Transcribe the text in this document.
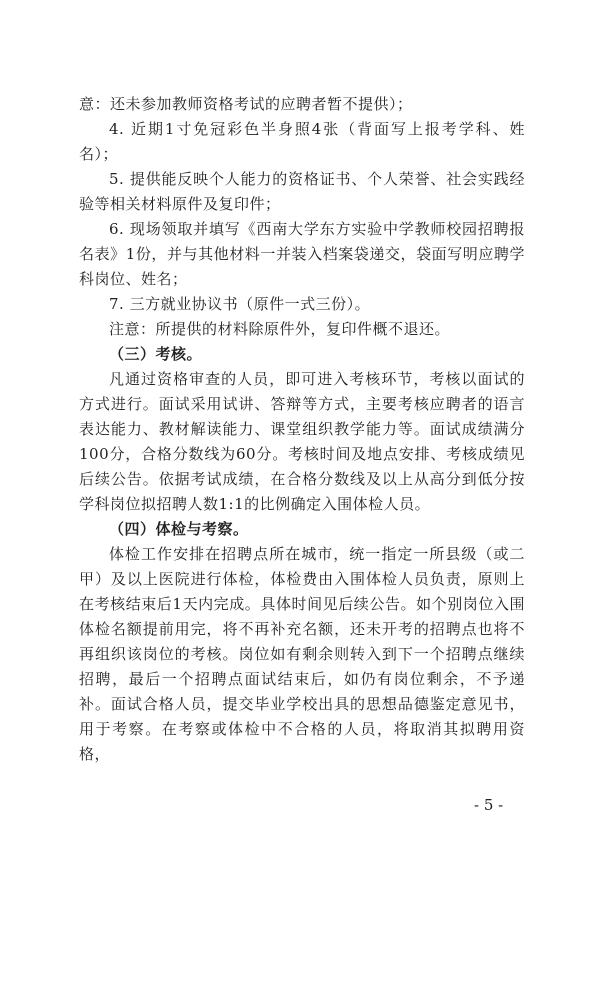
意：还未参加教师资格考试的应聘者暂不提供）；

4. 近期1寸免冠彩色半身照4张（背面写上报考学科、姓名）；

5. 提供能反映个人能力的资格证书、个人荣誉、社会实践经验等相关材料原件及复印件；

6. 现场领取并填写《西南大学东方实验中学教师校园招聘报名表》1份，并与其他材料一并装入档案袋递交，袋面写明应聘学科岗位、姓名；

7. 三方就业协议书（原件一式三份）。

注意：所提供的材料除原件外，复印件概不退还。

（三）考核。

凡通过资格审查的人员，即可进入考核环节，考核以面试的方式进行。面试采用试讲、答辩等方式，主要考核应聘者的语言表达能力、教材解读能力、课堂组织教学能力等。面试成绩满分100分，合格分数线为60分。考核时间及地点安排、考核成绩见后续公告。依据考试成绩，在合格分数线及以上从高分到低分按学科岗位拟招聘人数1:1的比例确定入围体检人员。

（四）体检与考察。

体检工作安排在招聘点所在城市，统一指定一所县级（或二甲）及以上医院进行体检，体检费由入围体检人员负责，原则上在考核结束后1天内完成。具体时间见后续公告。如个别岗位入围体检名额提前用完，将不再补充名额，还未开考的招聘点也将不再组织该岗位的考核。岗位如有剩余则转入到下一个招聘点继续招聘，最后一个招聘点面试结束后，如仍有岗位剩余，不予递补。面试合格人员，提交毕业学校出具的思想品德鉴定意见书，用于考察。在考察或体检中不合格的人员，将取消其拟聘用资格，

- 5 -
